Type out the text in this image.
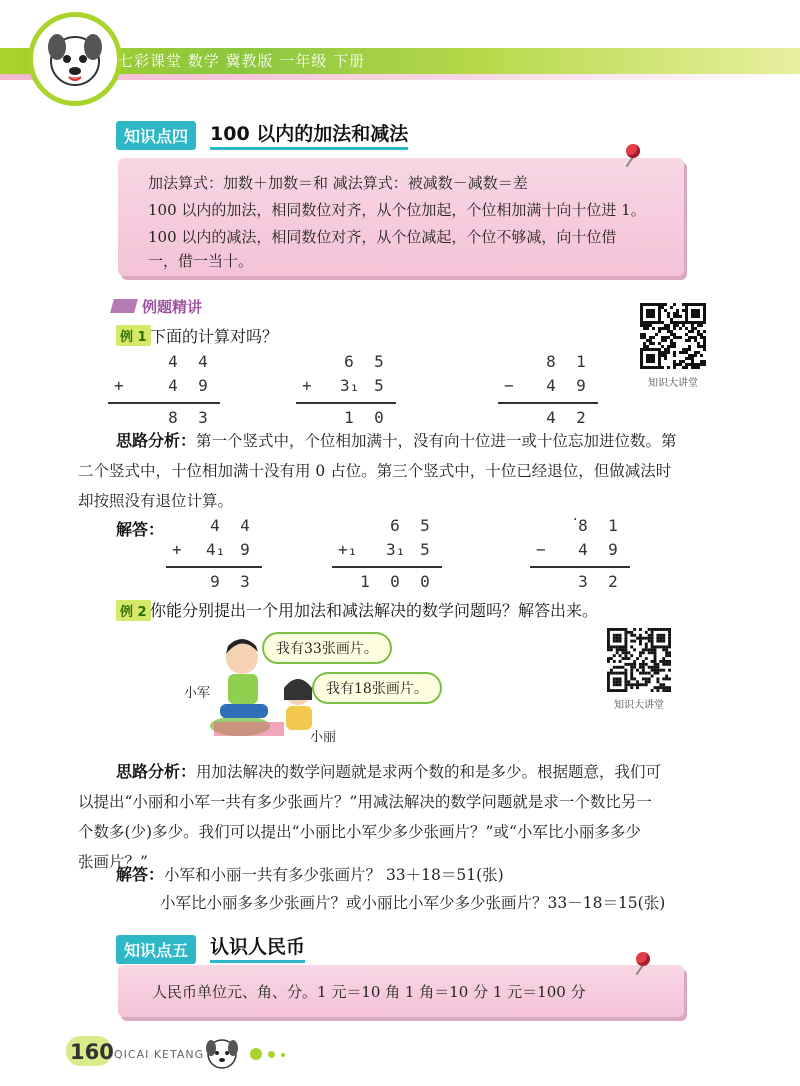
七彩课堂 数学 冀教版 一年级 下册
知识点四	100 以内的加法和减法
加法算式：加数＋加数＝和 减法算式：被减数－减数＝差
100 以内的加法，相同数位对齐，从个位加起，个位相加满十向十位进 1。
100 以内的减法，相同数位对齐，从个位减起，个位不够减，向十位借
一，借一当十。
例题精讲
知识大讲堂
例 1 下面的计算对吗？
4 4
+	4 9
8 3
6 5
+ 3₁ 5
1 0
8 1
− 4 9
4 2
思路分析：第一个竖式中，个位相加满十，没有向十位进一或十位忘加进位数。第
二个竖式中，十位相加满十没有用 0 占位。第三个竖式中，十位已经退位，但做减法时
却按照没有退位计算。
解答：	4 4
+ 4₁ 9
9 3
6 5
+₁ 3₁ 5
1 0 0
8 1
− 4 9
3 2
·
例 2 你能分别提出一个用加法和减法解决的数学问题吗？解答出来。
我有33张画片。
我有18张画片。
小军
小丽
知识大讲堂
思路分析：用加法解决的数学问题就是求两个数的和是多少。根据题意，我们可
以提出“小丽和小军一共有多少张画片？”用减法解决的数学问题就是求一个数比另一
个数多(少)多少。我们可以提出“小丽比小军少多少张画片？”或“小军比小丽多多少
张画片？”
解答：小军和小丽一共有多少张画片？ 33＋18＝51(张)
小军比小丽多多少张画片？或小丽比小军少多少张画片？33－18＝15(张)
知识点五	认识人民币
人民币单位元、角、分。1 元＝10 角 1 角＝10 分 1 元＝100 分
160 QICAI KETANG
